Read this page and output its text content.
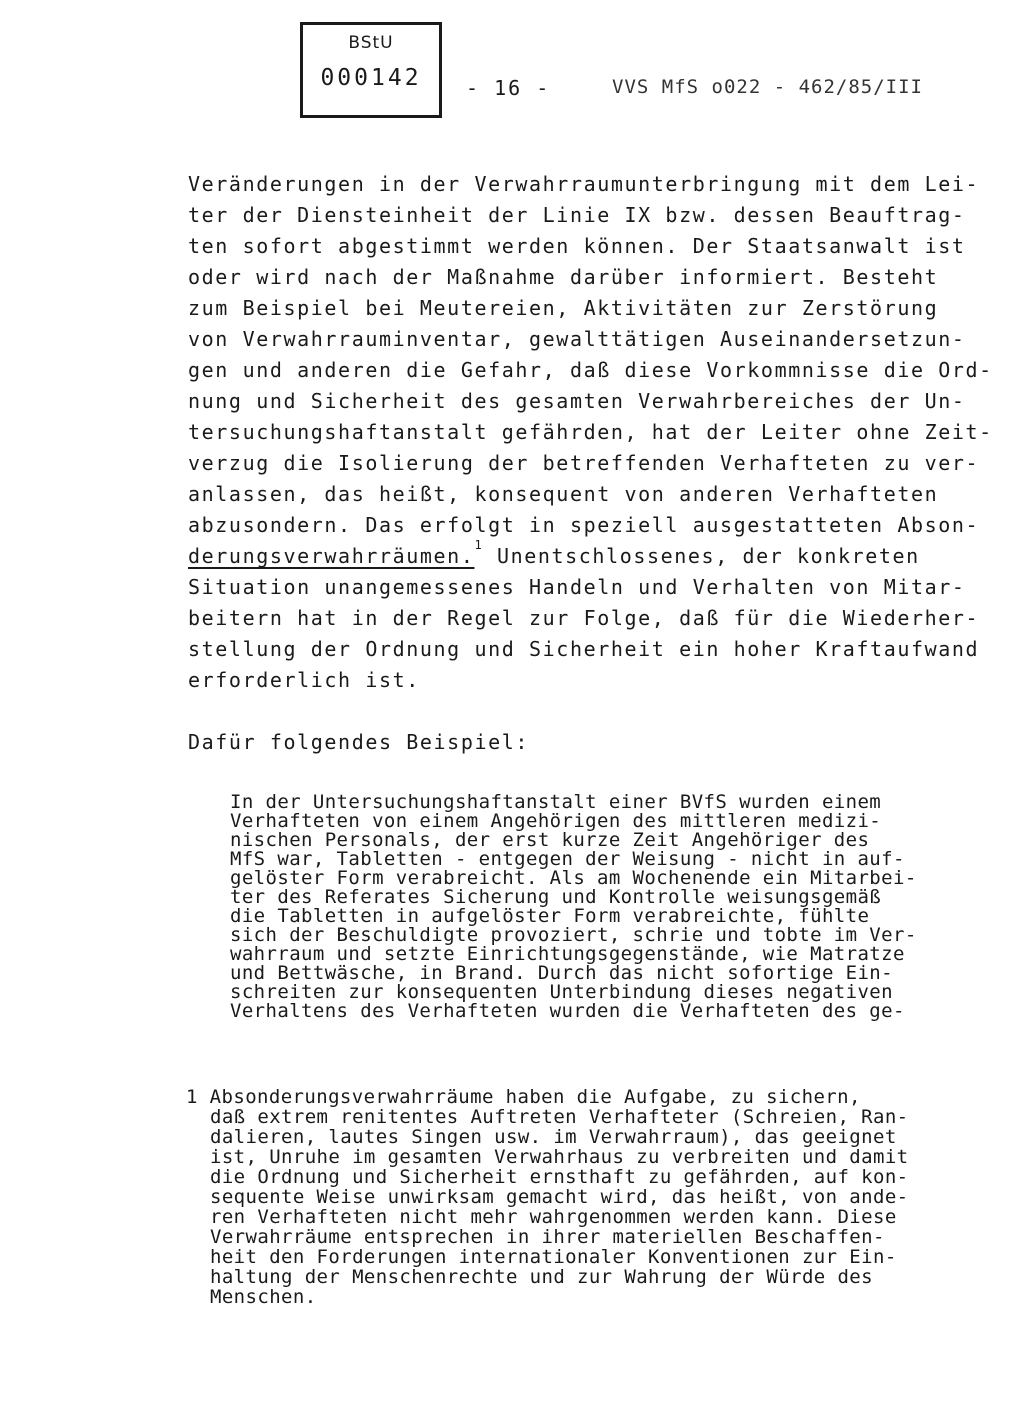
BStU
000142	- 16 -	VVS MfS o022 - 462/85/III
Veränderungen in der Verwahrraumunterbringung mit dem Lei-
ter der Diensteinheit der Linie IX bzw. dessen Beauftrag-
ten sofort abgestimmt werden können. Der Staatsanwalt ist
oder wird nach der Maßnahme darüber informiert. Besteht
zum Beispiel bei Meutereien, Aktivitäten zur Zerstörung
von Verwahrrauminventar, gewalttätigen Auseinandersetzun-
gen und anderen die Gefahr, daß diese Vorkommnisse die Ord-
nung und Sicherheit des gesamten Verwahrbereiches der Un-
tersuchungshaftanstalt gefährden, hat der Leiter ohne Zeit-
verzug die Isolierung der betreffenden Verhafteten zu ver-
anlassen, das heißt, konsequent von anderen Verhafteten
abzusondern. Das erfolgt in speziell ausgestatteten Abson-
derungsverwahrräumen.$^1$ Unentschlossenes, der konkreten
Situation unangemessenes Handeln und Verhalten von Mitar-
beitern hat in der Regel zur Folge, daß für die Wiederher-
stellung der Ordnung und Sicherheit ein hoher Kraftaufwand
erforderlich ist.
Dafür folgendes Beispiel:
In der Untersuchungshaftanstalt einer BVfS wurden einem
Verhafteten von einem Angehörigen des mittleren medizi-
nischen Personals, der erst kurze Zeit Angehöriger des
MfS war, Tabletten - entgegen der Weisung - nicht in auf-
gelöster Form verabreicht. Als am Wochenende ein Mitarbei-
ter des Referates Sicherung und Kontrolle weisungsgemäß
die Tabletten in aufgelöster Form verabreichte, fühlte
sich der Beschuldigte provoziert, schrie und tobte im Ver-
wahrraum und setzte Einrichtungsgegenstände, wie Matratze
und Bettwäsche, in Brand. Durch das nicht sofortige Ein-
schreiten zur konsequenten Unterbindung dieses negativen
Verhaltens des Verhafteten wurden die Verhafteten des ge-
1 Absonderungsverwahrräume haben die Aufgabe, zu sichern,
daß extrem renitentes Auftreten Verhafteter (Schreien, Ran-
dalieren, lautes Singen usw. im Verwahrraum), das geeignet
ist, Unruhe im gesamten Verwahrhaus zu verbreiten und damit
die Ordnung und Sicherheit ernsthaft zu gefährden, auf kon-
sequente Weise unwirksam gemacht wird, das heißt, von ande-
ren Verhafteten nicht mehr wahrgenommen werden kann. Diese
Verwahrräume entsprechen in ihrer materiellen Beschaffen-
heit den Forderungen internationaler Konventionen zur Ein-
haltung der Menschenrechte und zur Wahrung der Würde des
Menschen.
